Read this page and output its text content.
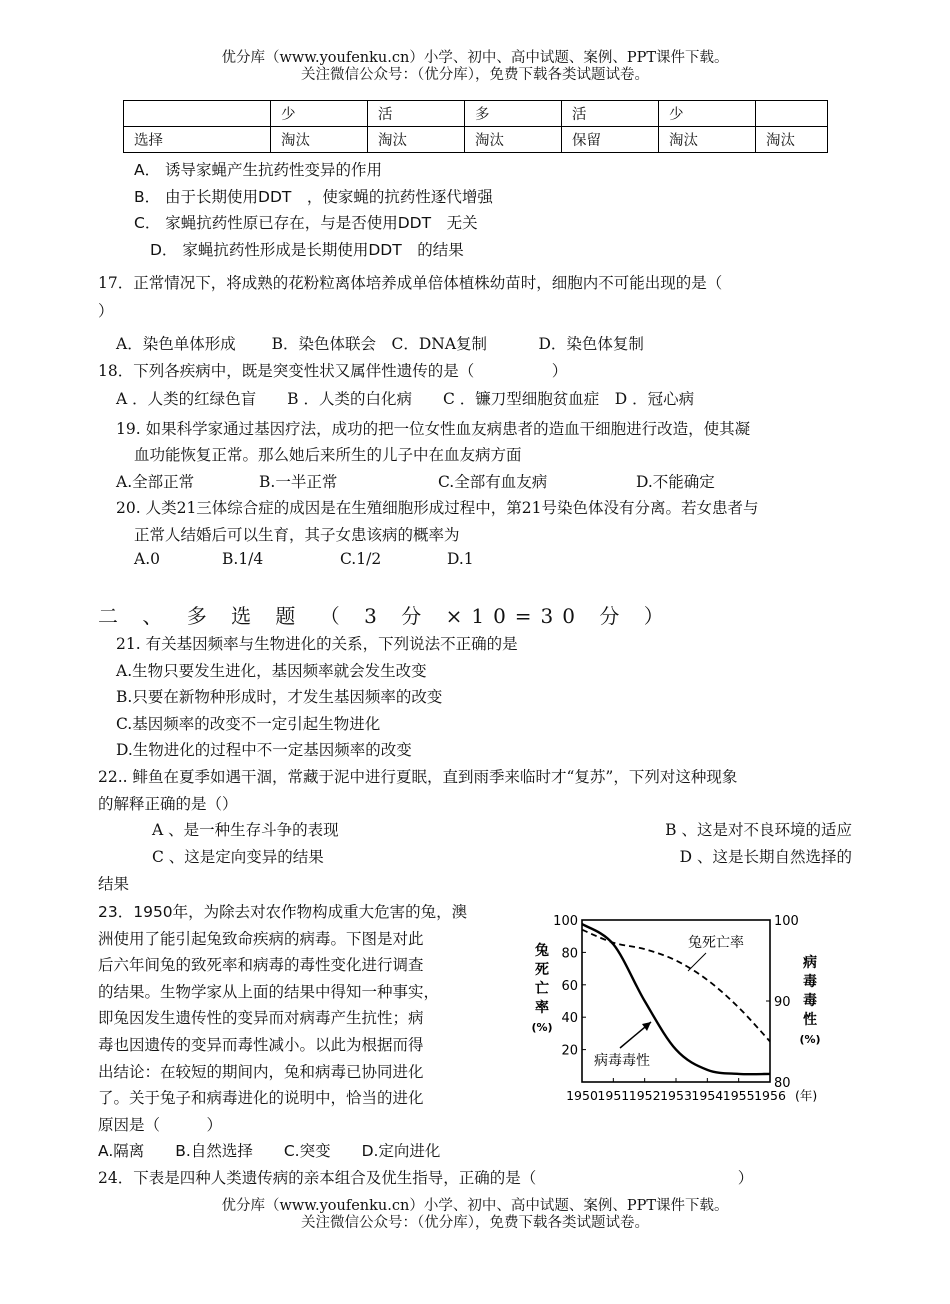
优分库（www.youfenku.cn）小学、初中、高中试题、案例、PPT课件下载。
关注微信公众号：（优分库），免费下载各类试题试卷。
	少	活	多	活	少	
选择	淘汰	淘汰	淘汰	保留	淘汰	淘汰
A． 诱导家蝇产生抗药性变异的作用
B． 由于长期使用DDT　，使家蝇的抗药性逐代增强
C． 家蝇抗药性原已存在，与是否使用DDT　无关
D． 家蝇抗药性形成是长期使用DDT　的结果
17．正常情况下，将成熟的花粉粒离体培养成单倍体植株幼苗时，细胞内不可能出现的是（
）
A．染色单体形成　　 B．染色体联会　C．DNA复制　　　 D．染色体复制
18．下列各疾病中，既是突变性状又属伴性遗传的是（　　　　　）
A ．人类的红绿色盲　　B ．人类的白化病　　C ．镰刀型细胞贫血症　D ．冠心病
19. 如果科学家通过基因疗法，成功的把一位女性血友病患者的造血干细胞进行改造，使其凝
血功能恢复正常。那么她后来所生的儿子中在血友病方面
A.全部正常	B.一半正常	C.全部有血友病	D.不能确定
20. 人类21三体综合症的成因是在生殖细胞形成过程中，第21号染色体没有分离。若女患者与
正常人结婚后可以生育，其子女患该病的概率为
A.0	B.1/4	C.1/2	D.1
二 、 多 选 题 （ 3 分 ×10=30 分 ）
21. 有关基因频率与生物进化的关系，下列说法不正确的是
A.生物只要发生进化，基因频率就会发生改变
B.只要在新物种形成时，才发生基因频率的改变
C.基因频率的改变不一定引起生物进化
D.生物进化的过程中不一定基因频率的改变
22.. 鲱鱼在夏季如遇干涸，常藏于泥中进行夏眠，直到雨季来临时才“复苏”，下列对这种现象
的解释正确的是（）
A 、是一种生存斗争的表现	B 、这是对不良环境的适应
C 、这是定向变异的结果	D 、这是长期自然选择的
结果
23．1950年，为除去对农作物构成重大危害的兔，澳
洲使用了能引起兔致命疾病的病毒。下图是对此
后六年间兔的致死率和病毒的毒性变化进行调查
的结果。生物学家从上面的结果中得知一种事实，
即兔因发生遗传性的变异而对病毒产生抗性；病
毒也因遗传的变异而毒性减小。以此为根据而得
出结论：在较短的期间内，兔和病毒已协同进化
了。关于兔子和病毒进化的说明中，恰当的进化
原因是（　　　）
A.隔离　　B.自然选择　　C.突变　　D.定向进化
兔
死
亡
率
(%)
病
毒
毒
性
(%)
20
40
60
80
100
80
90
100
1950 1951 1952 1953 1954 1955 1956 (年)
兔死亡率
病毒毒性
24．下表是四种人类遗传病的亲本组合及优生指导，正确的是（　　　　　　　　　　　　　）
优分库（www.youfenku.cn）小学、初中、高中试题、案例、PPT课件下载。
关注微信公众号：（优分库），免费下载各类试题试卷。
